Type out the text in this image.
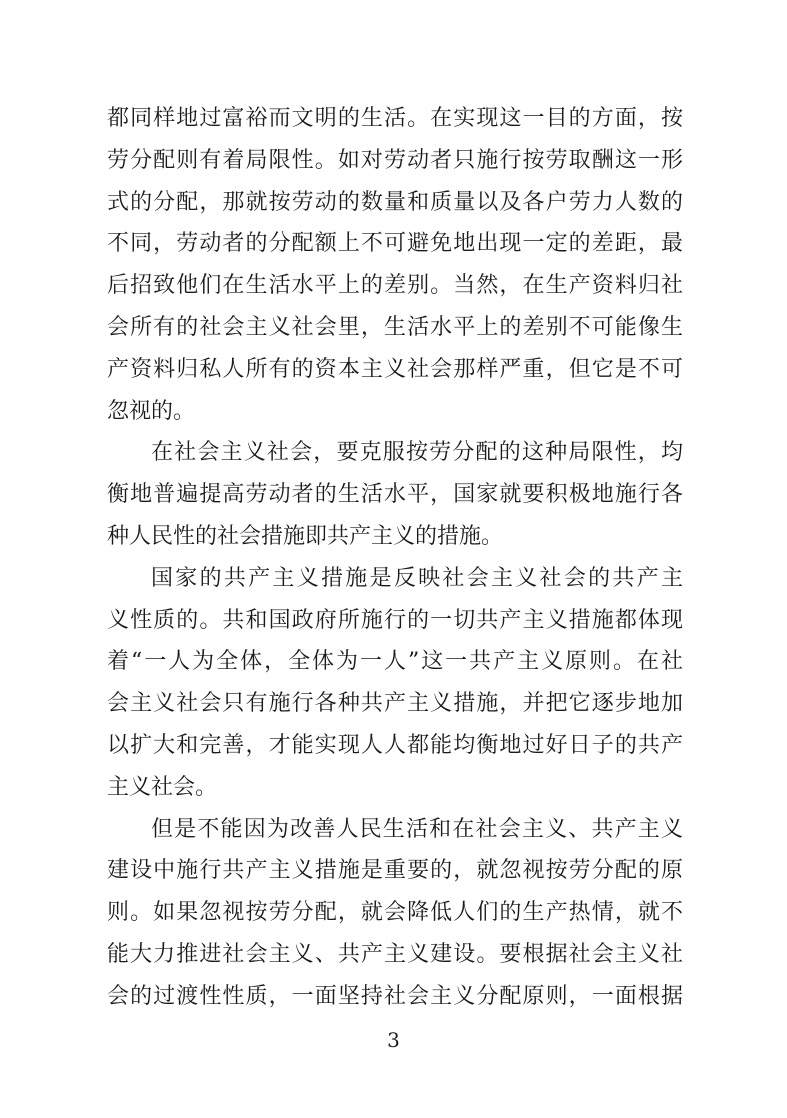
都同样地过富裕而文明的生活。在实现这一目的方面，按
劳分配则有着局限性。如对劳动者只施行按劳取酬这一形
式的分配，那就按劳动的数量和质量以及各户劳力人数的
不同，劳动者的分配额上不可避免地出现一定的差距，最
后招致他们在生活水平上的差别。当然，在生产资料归社
会所有的社会主义社会里，生活水平上的差别不可能像生
产资料归私人所有的资本主义社会那样严重，但它是不可
忽视的。
在社会主义社会，要克服按劳分配的这种局限性，均
衡地普遍提高劳动者的生活水平，国家就要积极地施行各
种人民性的社会措施即共产主义的措施。
国家的共产主义措施是反映社会主义社会的共产主
义性质的。共和国政府所施行的一切共产主义措施都体现
着“一人为全体，全体为一人”这一共产主义原则。在社
会主义社会只有施行各种共产主义措施，并把它逐步地加
以扩大和完善，才能实现人人都能均衡地过好日子的共产
主义社会。
但是不能因为改善人民生活和在社会主义、共产主义
建设中施行共产主义措施是重要的，就忽视按劳分配的原
则。如果忽视按劳分配，就会降低人们的生产热情，就不
能大力推进社会主义、共产主义建设。要根据社会主义社
会的过渡性性质，一面坚持社会主义分配原则，一面根据
3
